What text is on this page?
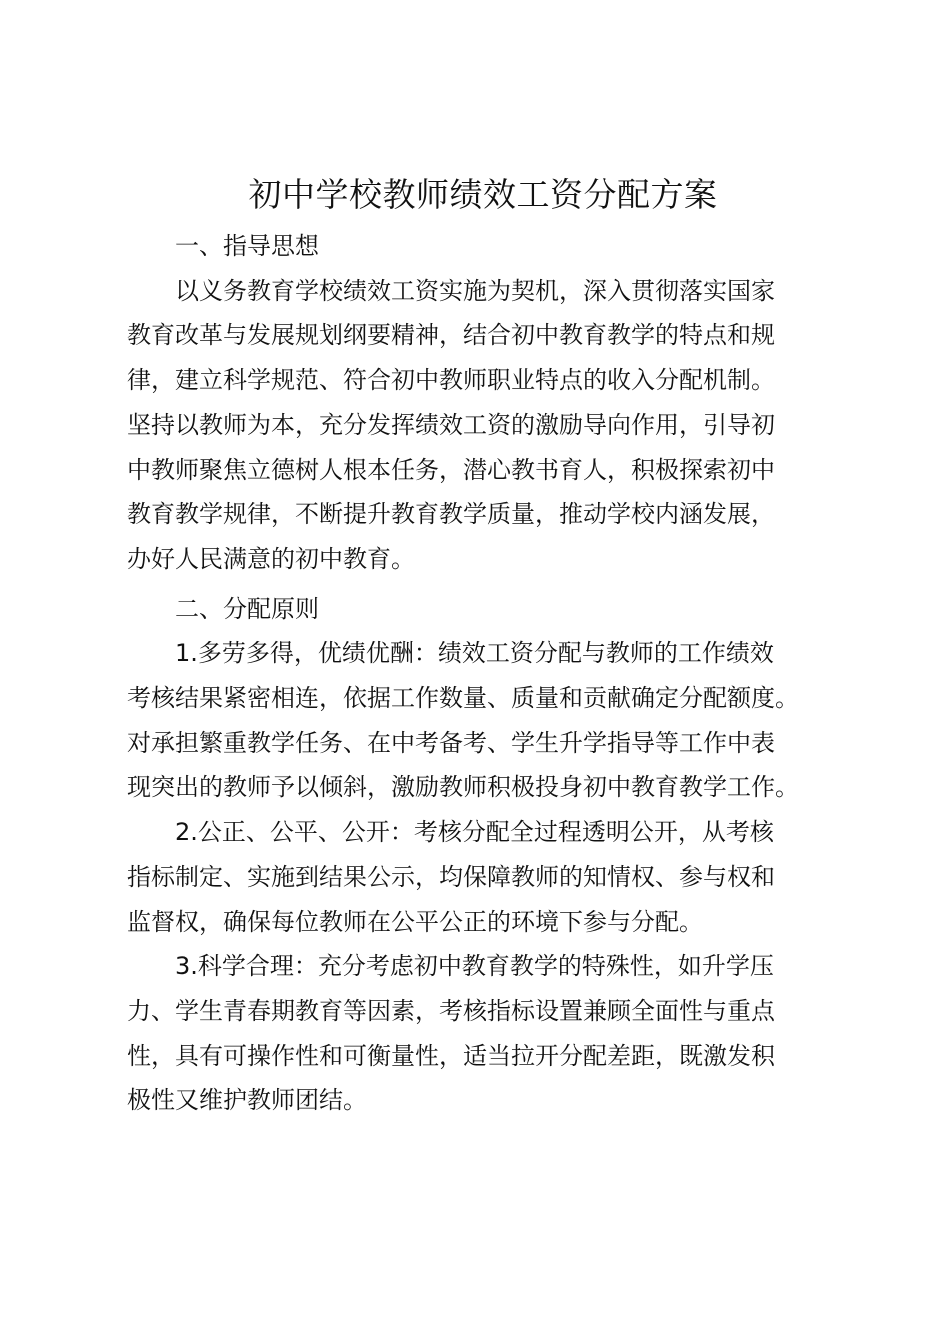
初中学校教师绩效工资分配方案

一、指导思想

以义务教育学校绩效工资实施为契机，深入贯彻落实国家
教育改革与发展规划纲要精神，结合初中教育教学的特点和规
律，建立科学规范、符合初中教师职业特点的收入分配机制。
坚持以教师为本，充分发挥绩效工资的激励导向作用，引导初
中教师聚焦立德树人根本任务，潜心教书育人，积极探索初中
教育教学规律，不断提升教育教学质量，推动学校内涵发展，
办好人民满意的初中教育。

二、分配原则

1.多劳多得，优绩优酬：绩效工资分配与教师的工作绩效
考核结果紧密相连，依据工作数量、质量和贡献确定分配额度。
对承担繁重教学任务、在中考备考、学生升学指导等工作中表
现突出的教师予以倾斜，激励教师积极投身初中教育教学工作。

2.公正、公平、公开：考核分配全过程透明公开，从考核
指标制定、实施到结果公示，均保障教师的知情权、参与权和
监督权，确保每位教师在公平公正的环境下参与分配。

3.科学合理：充分考虑初中教育教学的特殊性，如升学压
力、学生青春期教育等因素，考核指标设置兼顾全面性与重点
性，具有可操作性和可衡量性，适当拉开分配差距，既激发积
极性又维护教师团结。
